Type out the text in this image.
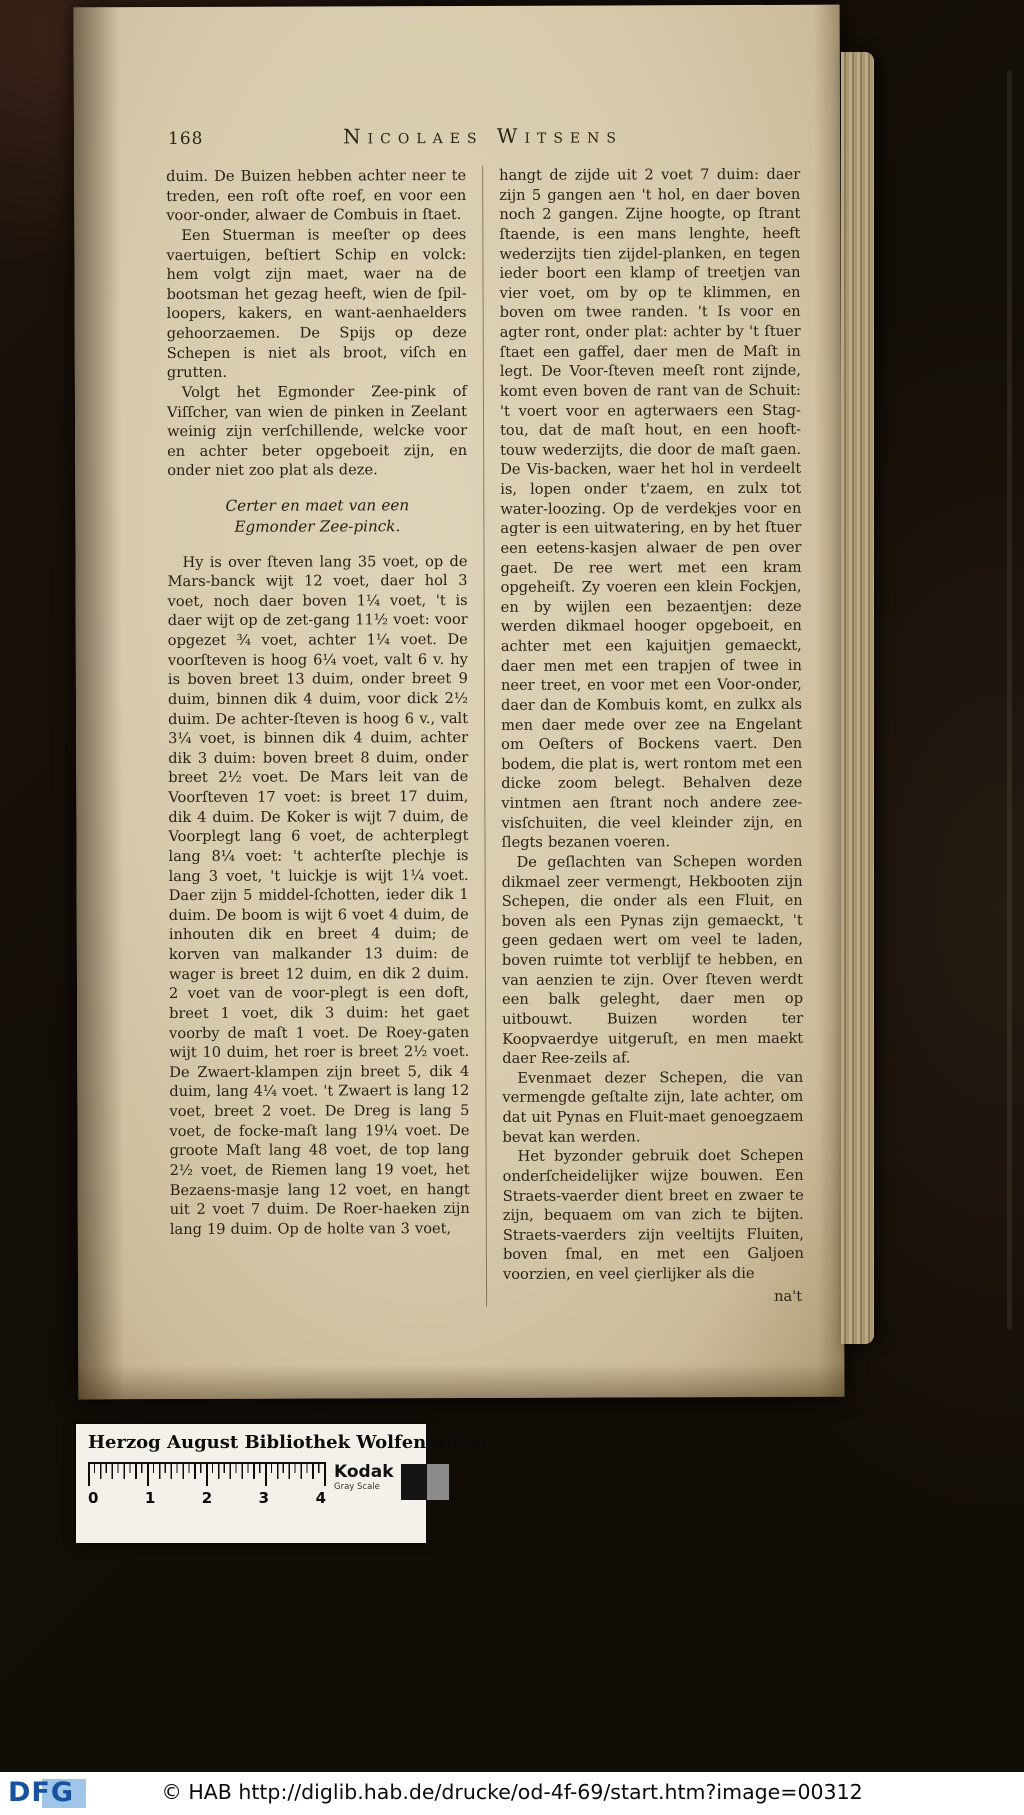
168	Nicolaes Witsens

duim. De Buizen hebben achter neer te treden, een roſt ofte roef, en voor een voor-onder, alwaer de Combuis in ſtaet.

Een Stuerman is meeſter op dees vaertuigen, beſtiert Schip en volck: hem volgt zijn maet, waer na de bootsman het gezag heeft, wien de ſpil-loopers, kakers, en want-aenhaelders gehoorzaemen. De Spijs op deze Schepen is niet als broot, viſch en grutten.

Volgt het Egmonder Zee-pink of Viſſcher, van wien de pinken in Zeelant weinig zijn verſchillende, welcke voor en achter beter opgeboeit zijn, en onder niet zoo plat als deze.

Certer en maet van een Egmonder Zee-pinck.

Hy is over ſteven lang 35 voet, op de Mars-banck wijt 12 voet, daer hol 3 voet, noch daer boven 1¼ voet, 't is daer wijt op de zet-gang 11½ voet: voor opgezet ¾ voet, achter 1¼ voet. De voorſteven is hoog 6¼ voet, valt 6 v. hy is boven breet 13 duim, onder breet 9 duim, binnen dik 4 duim, voor dick 2½ duim. De achter-ſteven is hoog 6 v., valt 3¼ voet, is binnen dik 4 duim, achter dik 3 duim: boven breet 8 duim, onder breet 2½ voet. De Mars leit van de Voorſteven 17 voet: is breet 17 duim, dik 4 duim. De Koker is wijt 7 duim, de Voorplegt lang 6 voet, de achterplegt lang 8¼ voet: 't achterſte plechje is lang 3 voet, 't luickje is wijt 1¼ voet. Daer zijn 5 middel-ſchotten, ieder dik 1 duim. De boom is wijt 6 voet 4 duim, de inhouten dik en breet 4 duim; de korven van malkander 13 duim: de wager is breet 12 duim, en dik 2 duim. 2 voet van de voor-plegt is een doft, breet 1 voet, dik 3 duim: het gaet voorby de maſt 1 voet. De Roey-gaten wijt 10 duim, het roer is breet 2½ voet. De Zwaert-klampen zijn breet 5, dik 4 duim, lang 4¼ voet. 't Zwaert is lang 12 voet, breet 2 voet. De Dreg is lang 5 voet, de focke-maſt lang 19¼ voet. De groote Maſt lang 48 voet, de top lang 2½ voet, de Riemen lang 19 voet, het Bezaens-masje lang 12 voet, en hangt uit 2 voet 7 duim. De Roer-haeken zijn lang 19 duim. Op de holte van 3 voet,

hangt de zijde uit 2 voet 7 duim: daer zijn 5 gangen aen 't hol, en daer boven noch 2 gangen. Zijne hoogte, op ſtrant ſtaende, is een mans lenghte, heeft wederzijts tien zijdel-planken, en tegen ieder boort een klamp of treetjen van vier voet, om by op te klimmen, en boven om twee randen. 't Is voor en agter ront, onder plat: achter by 't ſtuer ſtaet een gaffel, daer men de Maſt in legt. De Voor-ſteven meeſt ront zijnde, komt even boven de rant van de Schuit: 't voert voor en agterwaers een Stag-tou, dat de maſt hout, en een hooft-touw wederzijts, die door de maſt gaen. De Vis-backen, waer het hol in verdeelt is, lopen onder t'zaem, en zulx tot water-loozing. Op de verdekjes voor en agter is een uitwatering, en by het ſtuer een eetens-kasjen alwaer de pen over gaet. De ree wert met een kram opgeheiſt. Zy voeren een klein Fockjen, en by wijlen een bezaentjen: deze werden dikmael hooger opgeboeit, en achter met een kajuitjen gemaeckt, daer men met een trapjen of twee in neer treet, en voor met een Voor-onder, daer dan de Kombuis komt, en zulkx als men daer mede over zee na Engelant om Oeſters of Bockens vaert. Den bodem, die plat is, wert rontom met een dicke zoom belegt. Behalven deze vintmen aen ſtrant noch andere zee-visſchuiten, die veel kleinder zijn, en ſlegts bezanen voeren.

De geſlachten van Schepen worden dikmael zeer vermengt, Hekbooten zijn Schepen, die onder als een Fluit, en boven als een Pynas zijn gemaeckt, 't geen gedaen wert om veel te laden, boven ruimte tot verblijf te hebben, en van aenzien te zijn. Over ſteven werdt een balk geleght, daer men op uitbouwt. Buizen worden ter Koopvaerdye uitgeruſt, en men maekt daer Ree-zeils af.

Evenmaet dezer Schepen, die van vermengde geſtalte zijn, late achter, om dat uit Pynas en Fluit-maet genoegzaem bevat kan werden.

Het byzonder gebruik doet Schepen onderſcheidelijker wijze bouwen. Een Straets-vaerder dient breet en zwaer te zijn, bequaem om van zich te bijten. Straets-vaerders zijn veeltijts Fluiten, boven ſmal, en met een Galjoen voorzien, en veel çierlijker als die

na't
Herzog August Bibliothek Wolfenbüttel
0	1	2	3	4
Kodak
Gray Scale
DFG	© HAB http://diglib.hab.de/drucke/od-4f-69/start.htm?image=00312
